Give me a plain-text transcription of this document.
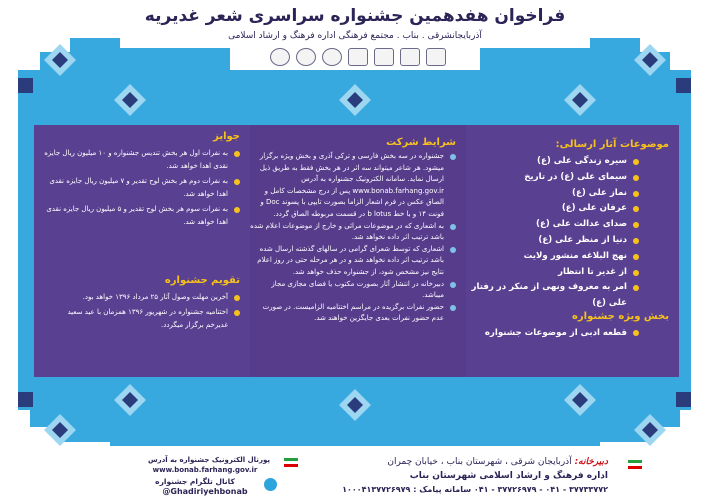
فراخوان هفدهمین جشنواره سراسری شعر غدیریه
آذربایجانشرقی . بناب . مجتمع فرهنگی اداره فرهنگ و ارشاد اسلامی
موضوعات آثار ارسالی:
سیره زندگی علی (ع)
سیمای علی (ع) در تاریخ
نماز علی (ع)
عرفان علی (ع)
صدای عدالت علی (ع)
دنیا از منظر علی (ع)
نهج البلاغه منشور ولایت
از غدیر تا انتظار
امر به معروف ونهی از منکر در رفتار علی (ع)
بخش ویژه جشنواره
قطعه ادبی از موضوعات جشنواره
شرایط شرکت
جشنواره در سه بخش فارسی و ترکی آذری و بخش ویژه برگزار میشود. هر شاعر میتواند سه اثر در هر بخش فقط به طریق ذیل ارسال نماید. سامانه الکترونیک جشنواره به آدرس www.bonab.farhang.gov.ir پس از درج مشخصات کامل و الصاق عکس در فرم اشعار الزاما بصورت تایپی با پسوند Doc و فونت ۱۴ و با خط b lotus در قسمت مربوطه الصاق گردد.
به اشعاری که در موضوعات مرائی و خارج از موضوعات اعلام شده باشد ترتیب اثر داده نخواهد شد.
اشعاری که توسط شعرای گرامی در سالهای گذشته ارسال شده باشد ترتیب اثر داده نخواهد شد و در هر مرحله حتی در روز اعلام نتایج نیز مشخص شود، از جشنواره حذف خواهد شد.
دبیرخانه در انتشار آثار بصورت مکتوب یا فضای مجازی مجاز میباشد.
حضور نفرات برگزیده در مراسم اختتامیه الزامیست. در صورت عدم حضور نفرات بعدی جایگزین خواهند شد.
جوایز
به نفرات اول هر بخش تندیس جشنواره و ۱۰ میلیون ریال جایزه نقدی اهدا خواهد شد.
به نفرات دوم هر بخش لوح تقدیر و ۷ میلیون ریال جایزه نقدی اهدا خواهد شد.
به نفرات سوم هر بخش لوح تقدیر و ۵ میلیون ریال جایزه نقدی اهدا خواهد شد.
تقویم جشنواره
آخرین مهلت وصول آثار ۲۵ مرداد ۱۳۹۶ خواهد بود.
اختتامیه جشنواره در شهریور ۱۳۹۶ همزمان با عید سعید غدیرخم برگزار میگردد.
دبیرخانه: آذربایجان شرقی ، شهرستان بناب ، خیابان چمران
اداره فرهنگ و ارشاد اسلامی شهرستان بناب
۳۷۷۳۳۷۷۲ - ۰۴۱ - ۳۷۷۲۶۹۷۹ - ۰۴۱ سامانه پیامک : ۱۰۰۰۴۱۳۷۷۲۶۹۷۹
پورتال الکترونیک جشنواره به آدرس
www.bonab.farhang.gov.ir
کانال تلگرام جشنواره
@Ghadiriyehbonab
